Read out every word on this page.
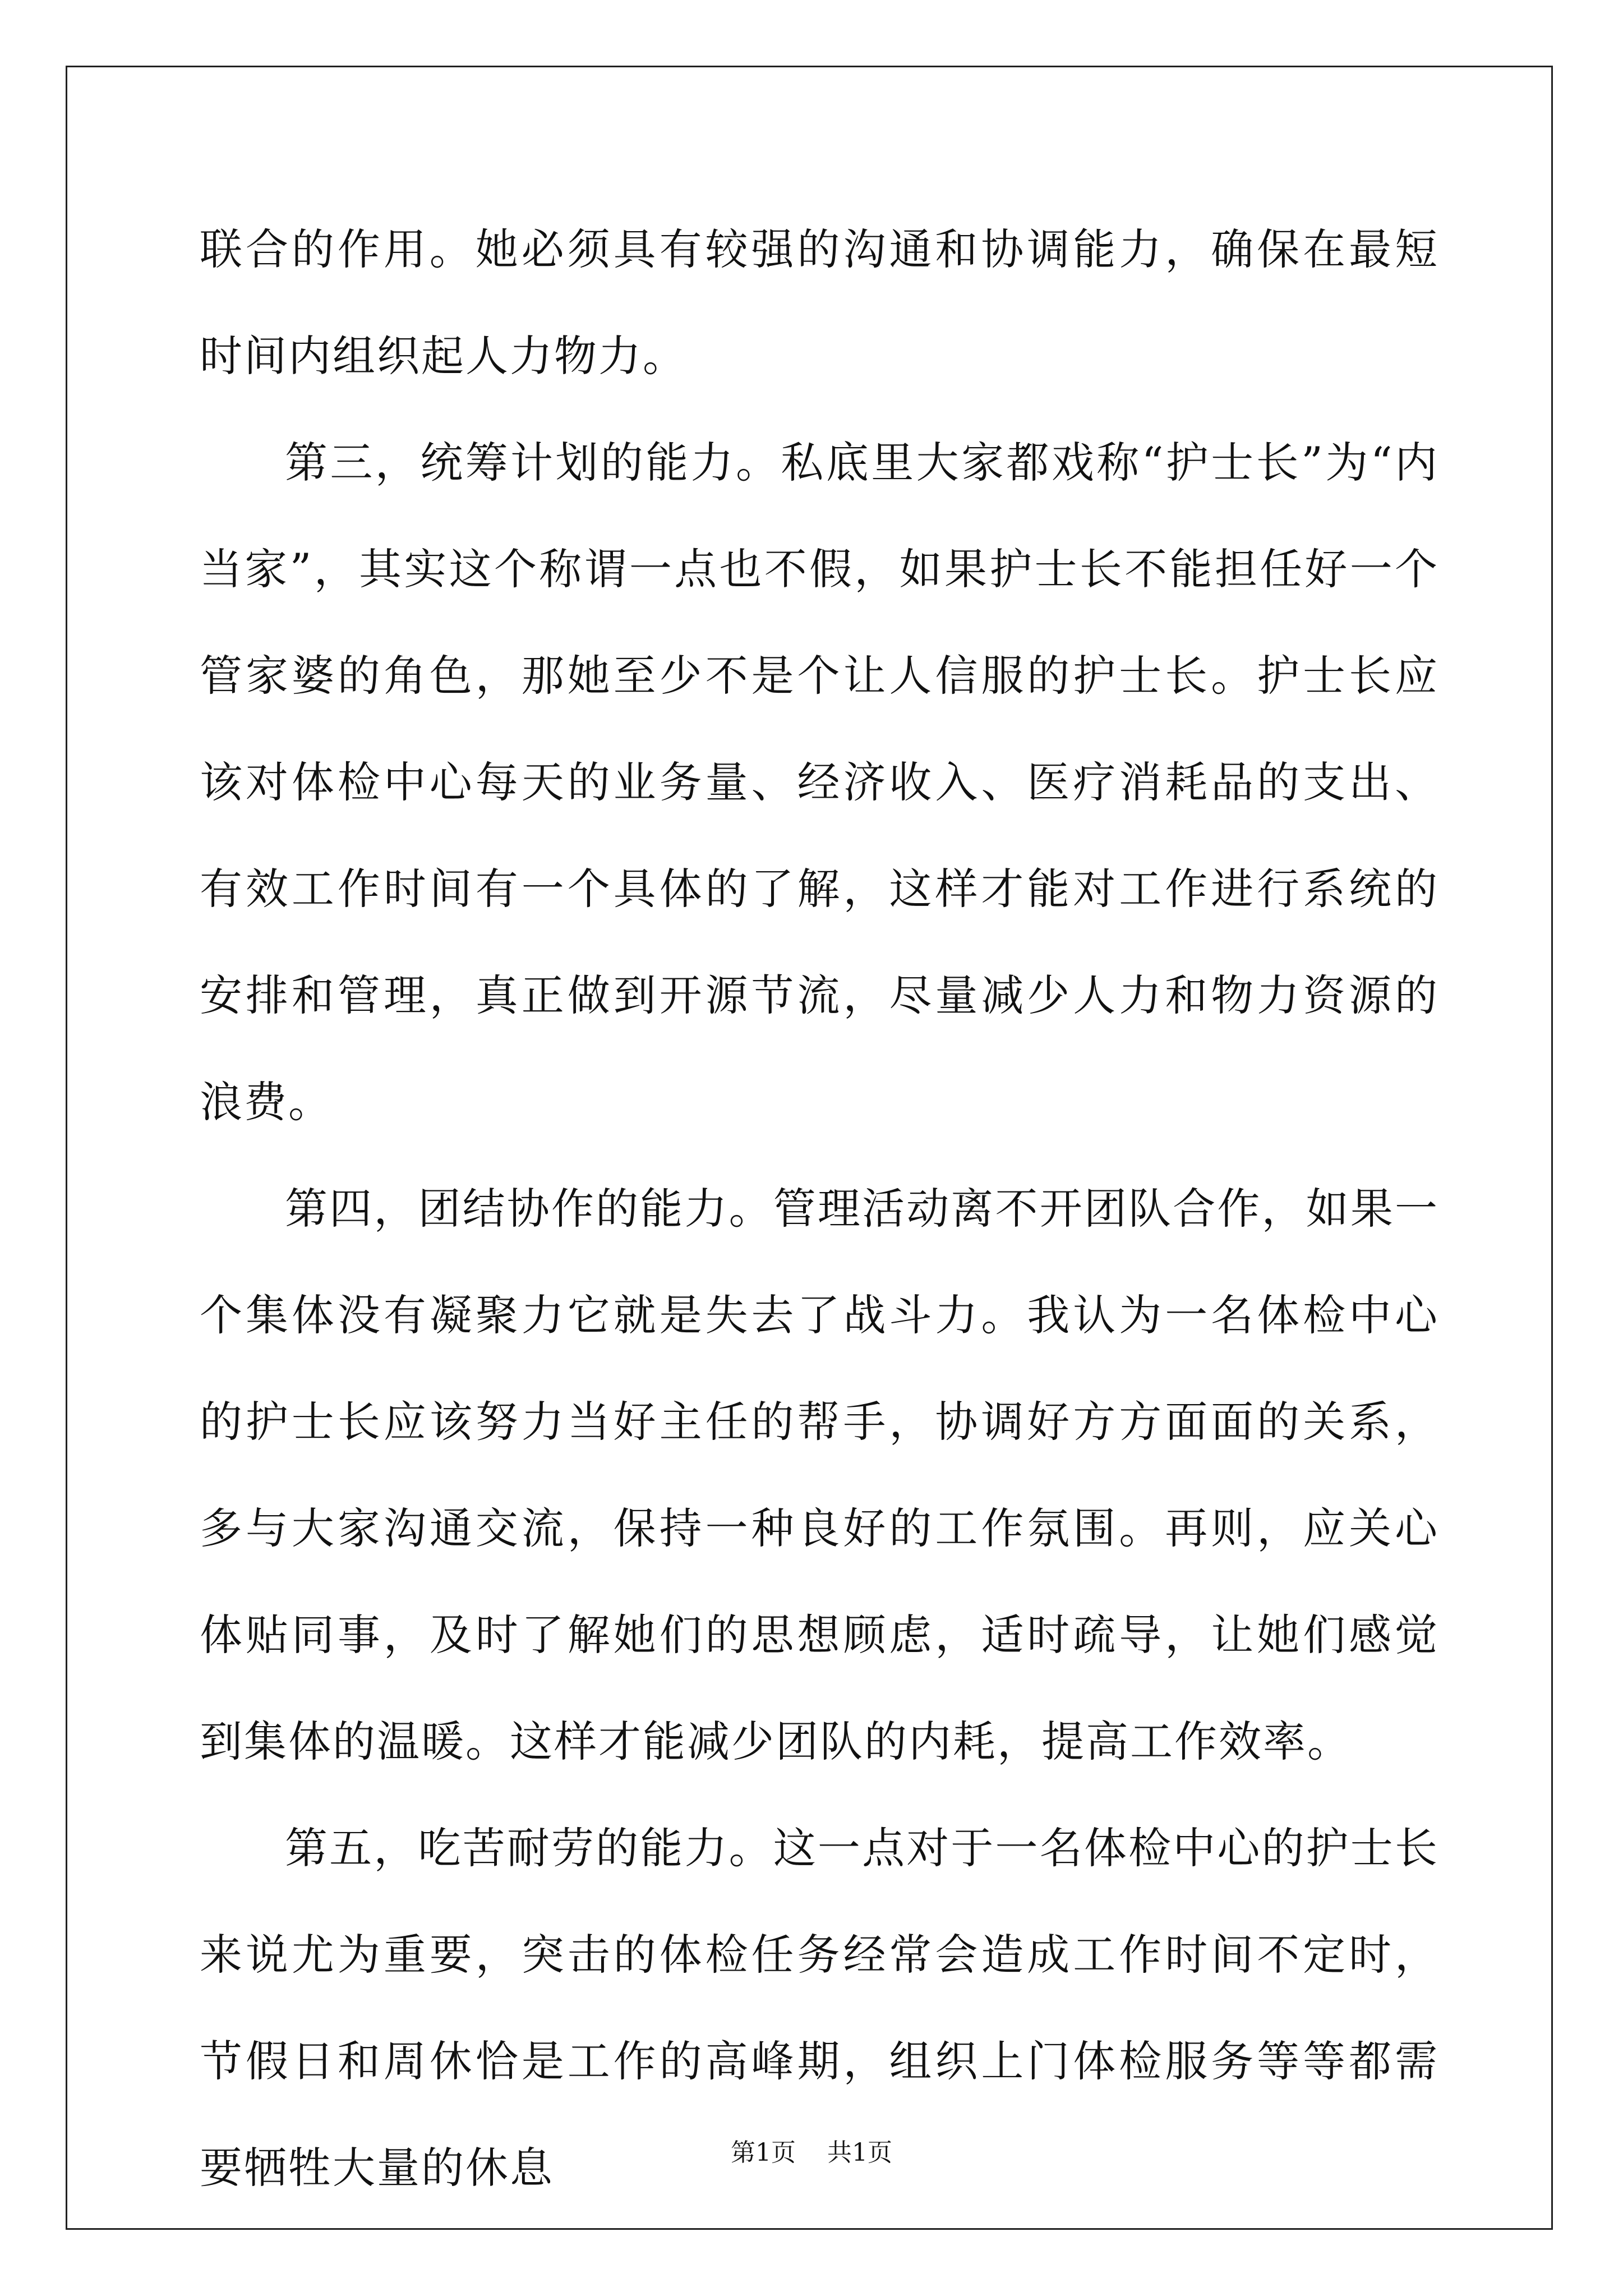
联合的作用。她必须具有较强的沟通和协调能力，确保在最短时间内组织起人力物力。

第三，统筹计划的能力。私底里大家都戏称“护士长”为“内当家”，其实这个称谓一点也不假，如果护士长不能担任好一个管家婆的角色，那她至少不是个让人信服的护士长。护士长应该对体检中心每天的业务量、经济收入、医疗消耗品的支出、有效工作时间有一个具体的了解，这样才能对工作进行系统的安排和管理，真正做到开源节流，尽量减少人力和物力资源的浪费。

第四，团结协作的能力。管理活动离不开团队合作，如果一个集体没有凝聚力它就是失去了战斗力。我认为一名体检中心的护士长应该努力当好主任的帮手，协调好方方面面的关系，多与大家沟通交流，保持一种良好的工作氛围。再则，应关心体贴同事，及时了解她们的思想顾虑，适时疏导，让她们感觉到集体的温暖。这样才能减少团队的内耗，提高工作效率。

第五，吃苦耐劳的能力。这一点对于一名体检中心的护士长来说尤为重要，突击的体检任务经常会造成工作时间不定时，节假日和周休恰是工作的高峰期，组织上门体检服务等等都需要牺牲大量的休息	第1页 共1页
